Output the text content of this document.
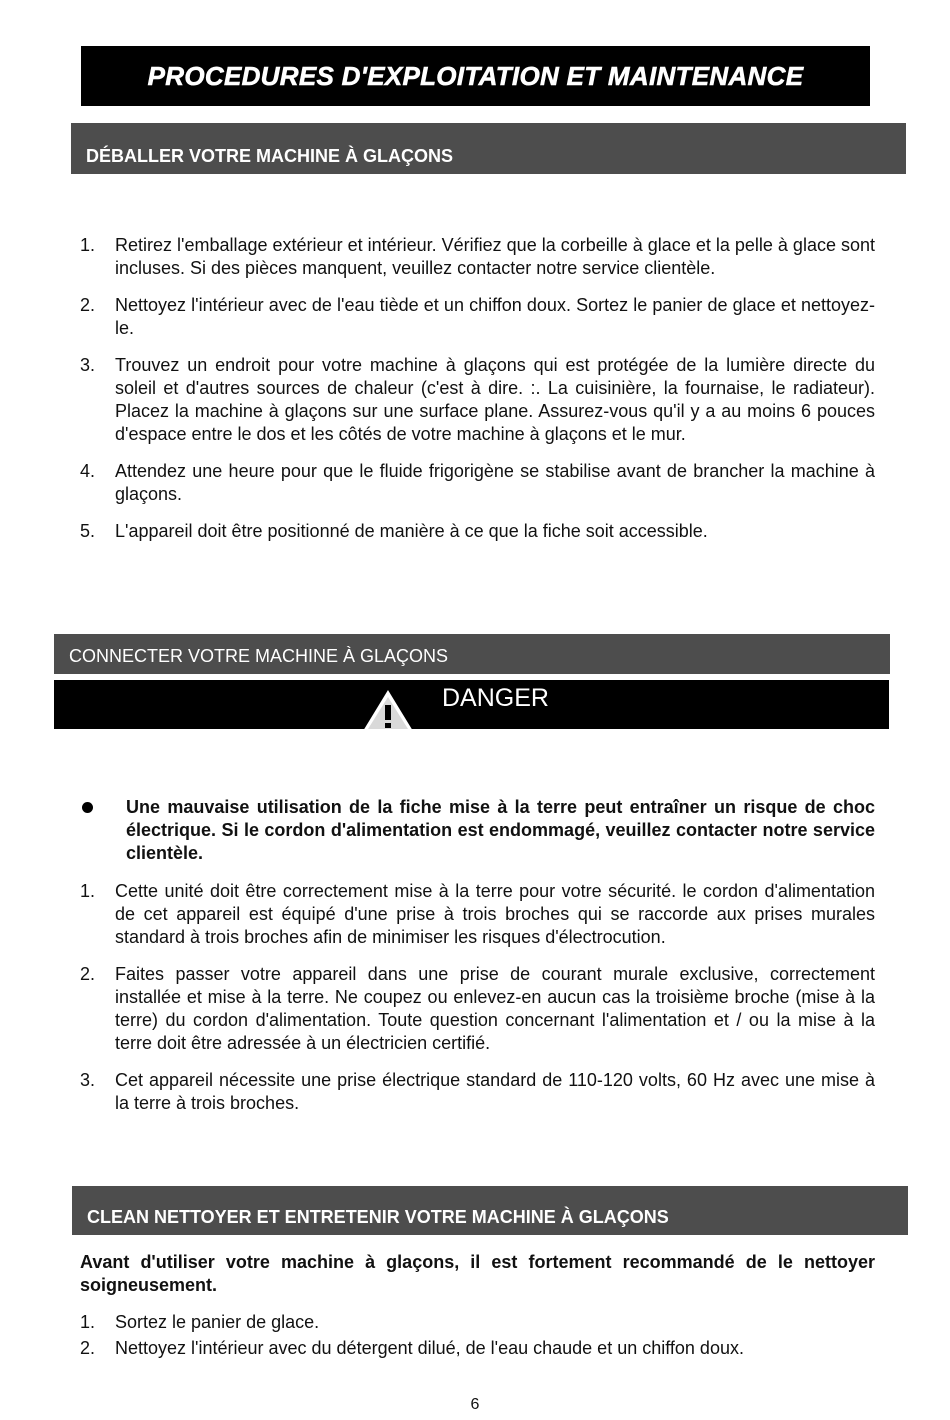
PROCEDURES D'EXPLOITATION ET MAINTENANCE
DÉBALLER VOTRE MACHINE À GLAÇONS
1. Retirez l'emballage extérieur et intérieur. Vérifiez que la corbeille à glace et la pelle à glace sont incluses. Si des pièces manquent, veuillez contacter notre service clientèle.
2. Nettoyez l'intérieur avec de l'eau tiède et un chiffon doux. Sortez le panier de glace et nettoyez-le.
3. Trouvez un endroit pour votre machine à glaçons qui est protégée de la lumière directe du soleil et d'autres sources de chaleur (c'est à dire. :. La cuisinière, la fournaise, le radiateur). Placez la machine à glaçons sur une surface plane. Assurez-vous qu'il y a au moins 6 pouces d'espace entre le dos et les côtés de votre machine à glaçons et le mur.
4. Attendez une heure pour que le fluide frigorigène se stabilise avant de brancher la machine à glaçons.
5. L'appareil doit être positionné de manière à ce que la fiche soit accessible.
CONNECTER VOTRE MACHINE À GLAÇONS
DANGER
Une mauvaise utilisation de la fiche mise à la terre peut entraîner un risque de choc électrique. Si le cordon d'alimentation est endommagé, veuillez contacter notre service clientèle.
1. Cette unité doit être correctement mise à la terre pour votre sécurité. le cordon d'alimentation de cet appareil est équipé d'une prise à trois broches qui se raccorde aux prises murales standard à trois broches afin de minimiser les risques d'électrocution.
2. Faites passer votre appareil dans une prise de courant murale exclusive, correctement installée et mise à la terre. Ne coupez ou enlevez-en aucun cas la troisième broche (mise à la terre) du cordon d'alimentation. Toute question concernant l'alimentation et / ou la mise à la terre doit être adressée à un électricien certifié.
3. Cet appareil nécessite une prise électrique standard de 110-120 volts, 60 Hz avec une mise à la terre à trois broches.
CLEAN NETTOYER ET ENTRETENIR VOTRE MACHINE À GLAÇONS
Avant d'utiliser votre machine à glaçons, il est fortement recommandé de le nettoyer soigneusement.
1. Sortez le panier de glace.
2. Nettoyez l'intérieur avec du détergent dilué, de l'eau chaude et un chiffon doux.
6
